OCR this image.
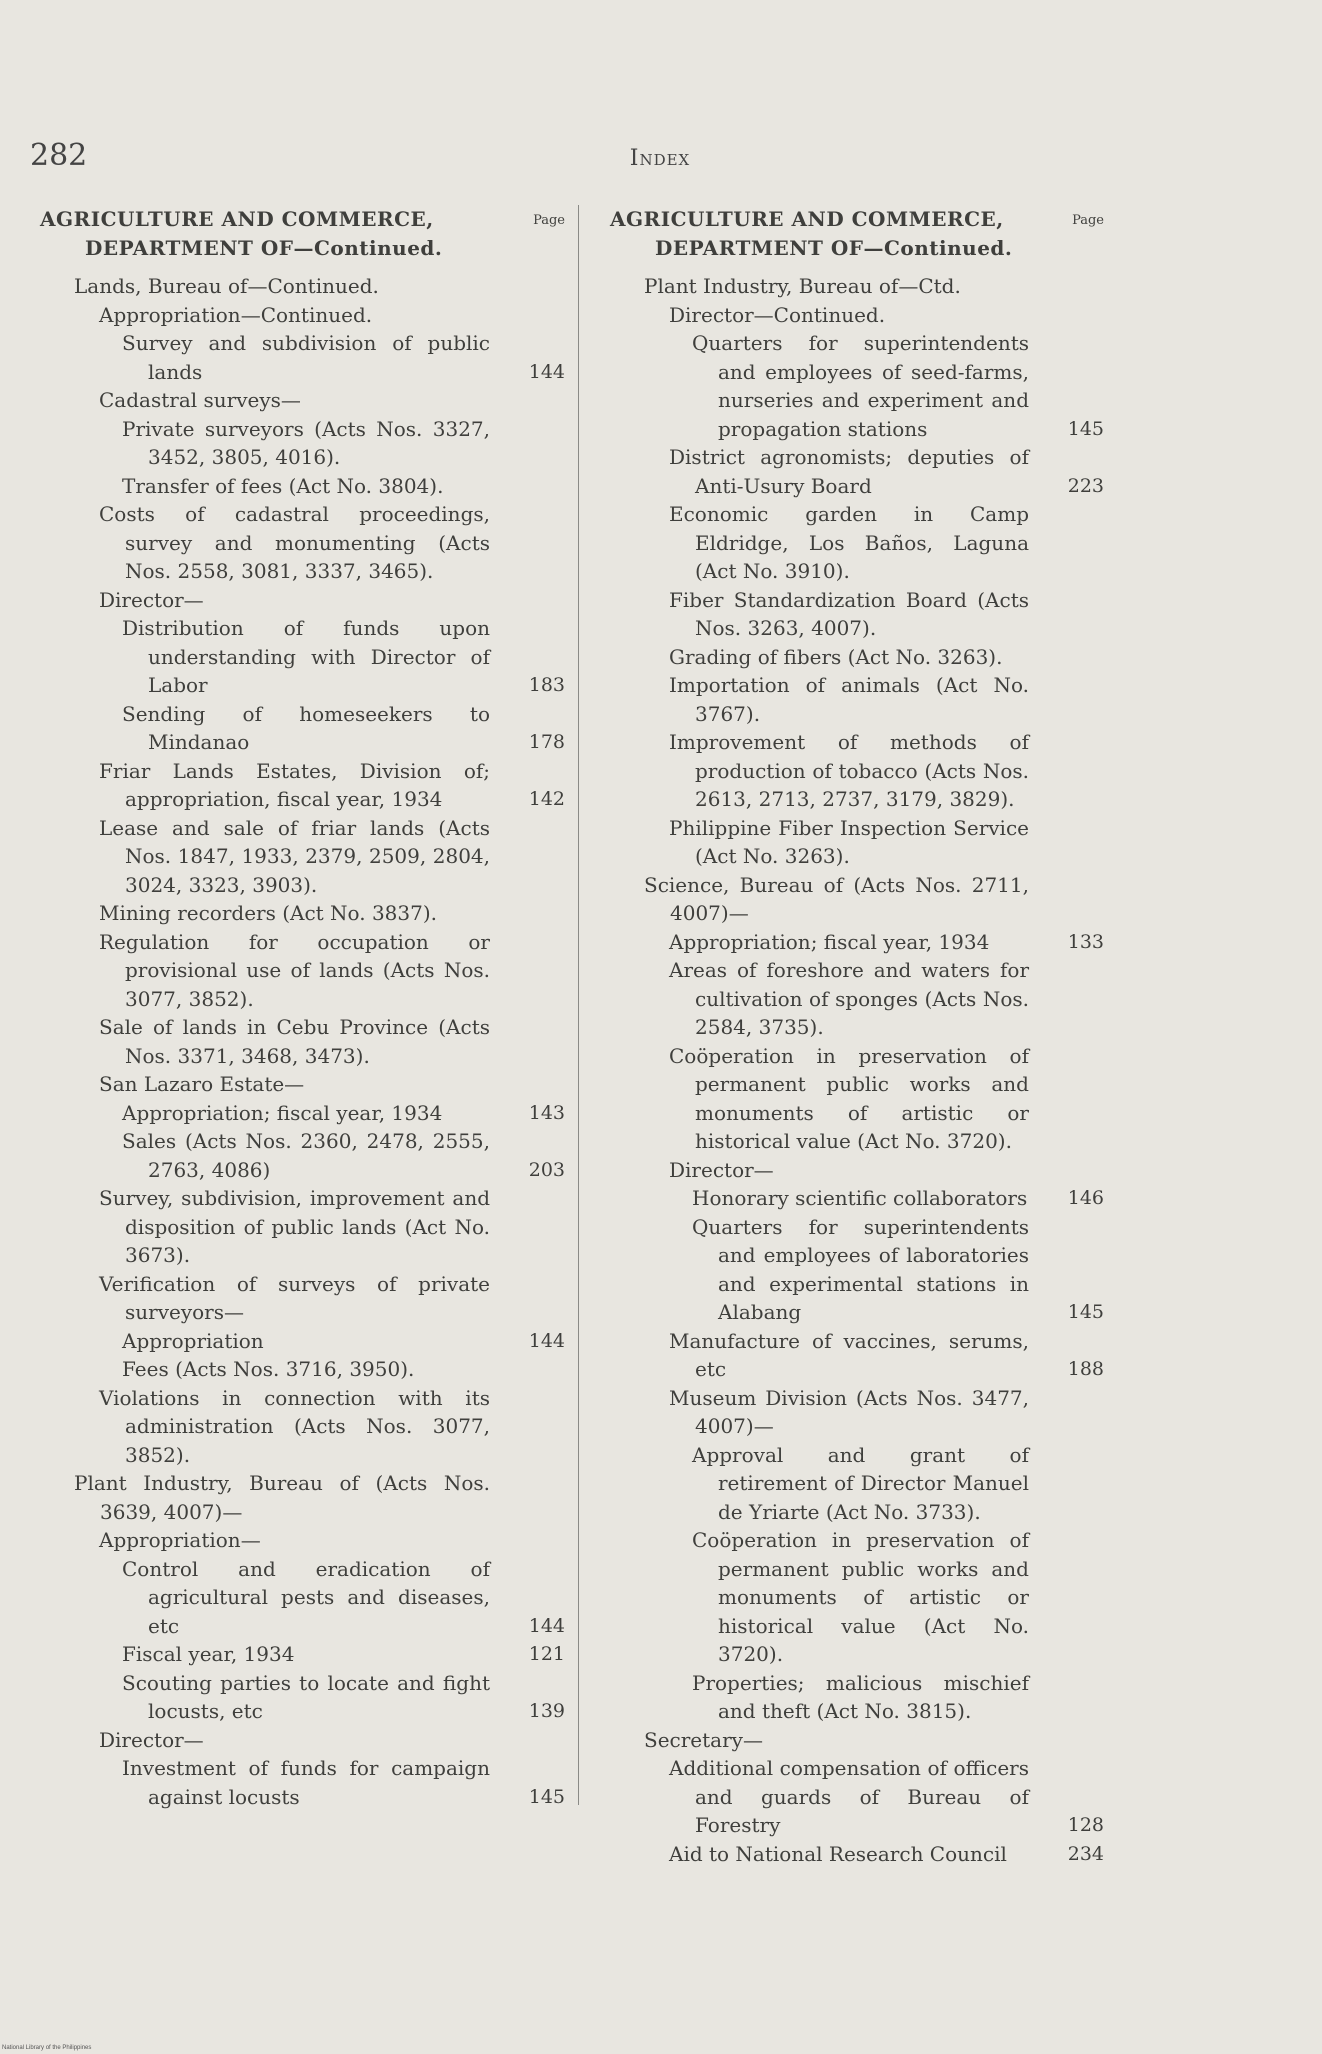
282	Index
AGRICULTURE AND COMMERCE,
DEPARTMENT OF—Continued.
Page
Lands, Bureau of—Continued.
Appropriation—Continued.
Survey and subdivision of public lands	144
Cadastral surveys—
Private surveyors (Acts Nos. 3327, 3452, 3805, 4016).
Transfer of fees (Act No. 3804).
Costs of cadastral proceedings, survey and monumenting (Acts Nos. 2558, 3081, 3337, 3465).
Director—
Distribution of funds upon understanding with Director of Labor	183
Sending of homeseekers to Mindanao	178
Friar Lands Estates, Division of; appropriation, fiscal year, 1934	142
Lease and sale of friar lands (Acts Nos. 1847, 1933, 2379, 2509, 2804, 3024, 3323, 3903).
Mining recorders (Act No. 3837).
Regulation for occupation or provisional use of lands (Acts Nos. 3077, 3852).
Sale of lands in Cebu Province (Acts Nos. 3371, 3468, 3473).
San Lazaro Estate—
Appropriation; fiscal year, 1934	143
Sales (Acts Nos. 2360, 2478, 2555, 2763, 4086)	203
Survey, subdivision, improvement and disposition of public lands (Act No. 3673).
Verification of surveys of private surveyors—
Appropriation	144
Fees (Acts Nos. 3716, 3950).
Violations in connection with its administration (Acts Nos. 3077, 3852).
Plant Industry, Bureau of (Acts Nos. 3639, 4007)—
Appropriation—
Control and eradication of agricultural pests and diseases, etc	144
Fiscal year, 1934	121
Scouting parties to locate and fight locusts, etc	139
Director—
Investment of funds for campaign against locusts	145
AGRICULTURE AND COMMERCE,
DEPARTMENT OF—Continued.
Page
Plant Industry, Bureau of—Ctd.
Director—Continued.
Quarters for superintendents and employees of seed-farms, nurseries and experiment and propagation stations	145
District agronomists; deputies of Anti-Usury Board	223
Economic garden in Camp Eldridge, Los Baños, Laguna (Act No. 3910).
Fiber Standardization Board (Acts Nos. 3263, 4007).
Grading of fibers (Act No. 3263).
Importation of animals (Act No. 3767).
Improvement of methods of production of tobacco (Acts Nos. 2613, 2713, 2737, 3179, 3829).
Philippine Fiber Inspection Service (Act No. 3263).
Science, Bureau of (Acts Nos. 2711, 4007)—
Appropriation; fiscal year, 1934	133
Areas of foreshore and waters for cultivation of sponges (Acts Nos. 2584, 3735).
Coöperation in preservation of permanent public works and monuments of artistic or historical value (Act No. 3720).
Director—
Honorary scientific collaborators	146
Quarters for superintendents and employees of laboratories and experimental stations in Alabang	145
Manufacture of vaccines, serums, etc	188
Museum Division (Acts Nos. 3477, 4007)—
Approval and grant of retirement of Director Manuel de Yriarte (Act No. 3733).
Coöperation in preservation of permanent public works and monuments of artistic or historical value (Act No. 3720).
Properties; malicious mischief and theft (Act No. 3815).
Secretary—
Additional compensation of officers and guards of Bureau of Forestry	128
Aid to National Research Council	234
National Library of the Philippines
